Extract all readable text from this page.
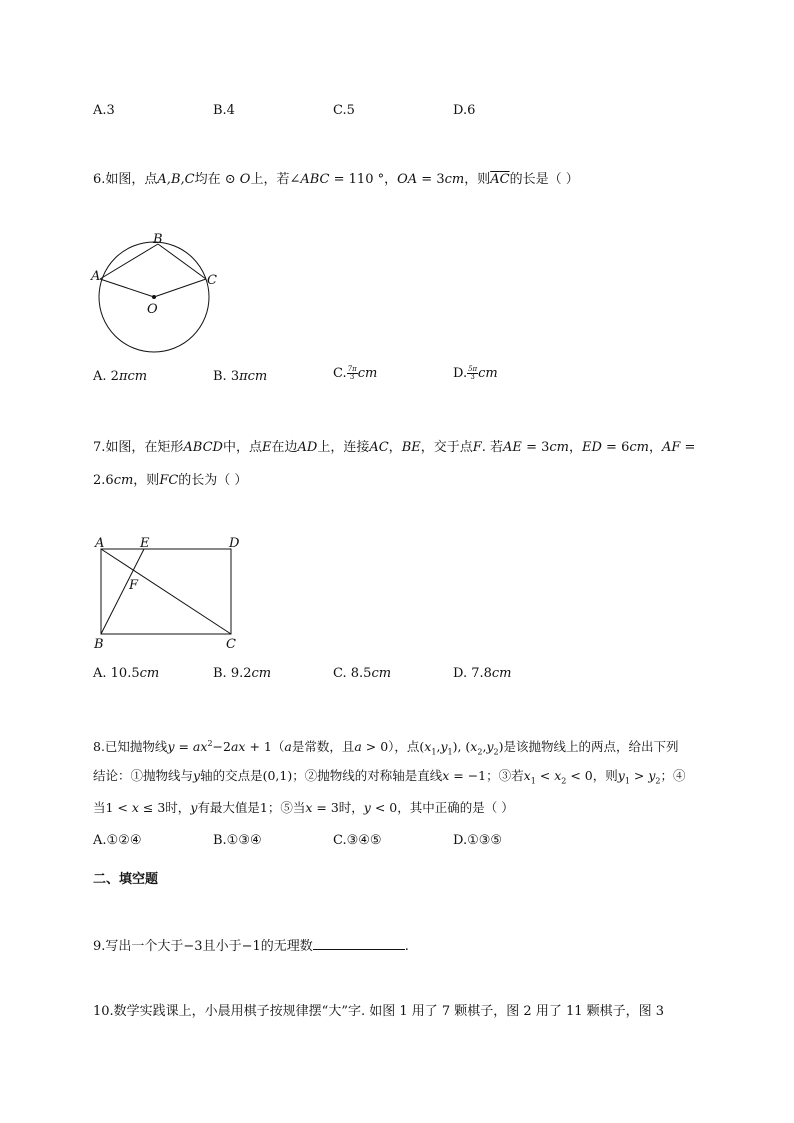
A.3	B.4	C.5	D.6
6.如图，点A,B,C均在 ⊙ O上，若∠ABC = 110 °，OA = 3cm，则AC的长是（ ）
B
A	C
O
A. 2πcm	B. 3πcm	C. $\frac{7\pi}{3}$ cm	D. $\frac{5\pi}{3}$ cm
7.如图，在矩形ABCD中，点E在边AD上，连接AC，BE，交于点F. 若AE = 3cm，ED = 6cm，AF =
2.6cm，则FC的长为（ ）
A	E	D
F
B	C
A. 10.5cm	B. 9.2cm	C. 8.5cm	D. 7.8cm
8.已知抛物线$y = ax^2-2ax + 1(a$是常数，且a > 0），点$(x_1,y_1)$, $(x_2,y_2)$是该抛物线上的两点，给出下列
结论：①抛物线与y轴的交点是(0,1)；②抛物线的对称轴是直线x = −1；③若$x_1 < x_2 < 0$，则$y_1 > y_2$；④
当1 < x ≤ 3时，y有最大值是1；⑤当x = 3时，y < 0，其中正确的是（ ）
A.①②④	B.①③④	C.③④⑤	D.①③⑤
二、填空题
9.写出一个大于−3且小于−1的无理数	.
10.数学实践课上，小晨用棋子按规律摆“大”字. 如图 1 用了 7 颗棋子，图 2 用了 11 颗棋子，图 3
